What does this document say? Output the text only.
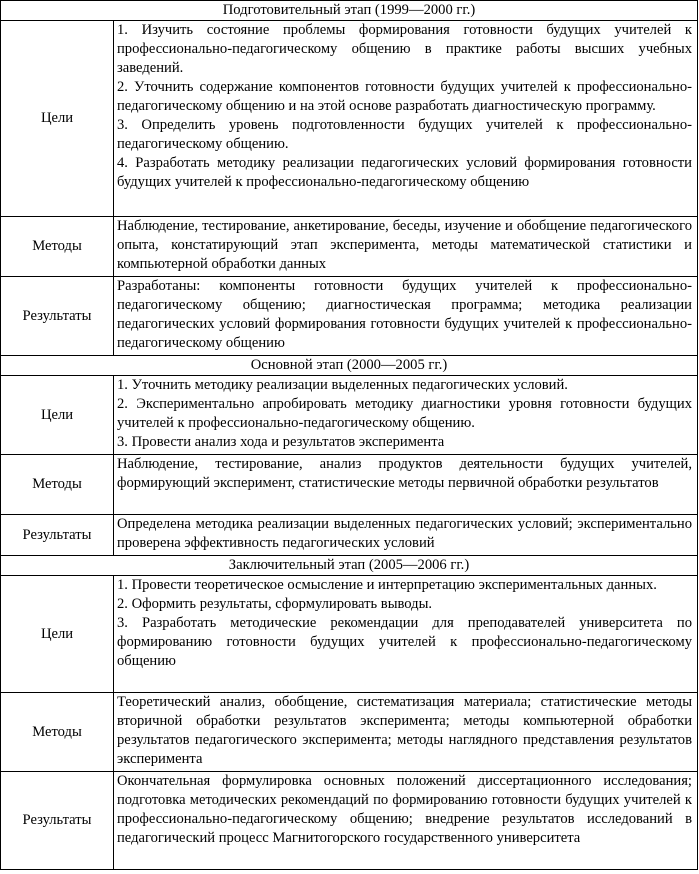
Подготовительный этап (1999—2000 гг.)	
Цели	1. Изучить состояние проблемы формирования готовности будущих учителей к профессионально-педагогическому общению в практике работы высших учебных заведений.

2. Уточнить содержание компонентов готовности будущих учителей к профессионально-педагогическому общению и на этой основе разработать диагностическую программу.

3. Определить уровень подготовленности будущих учителей к профессионально-педагогическому общению.

4. Разработать методику реализации педагогических условий формирования готовности будущих учителей к профессионально-педагогическому общению

Методы	Наблюдение, тестирование, анкетирование, беседы, изучение и обобщение педагогического опыта, констатирующий этап эксперимента, методы математической статистики и компьютерной обработки данных
Результаты	Разработаны: компоненты готовности будущих учителей к профессионально-педагогическому общению; диагностическая программа; методика реализации педагогических условий формирования готовности будущих учителей к профессионально-педагогическому общению
Основной этап (2000—2005 гг.)	
Цели	1. Уточнить методику реализации выделенных педагогических условий.

2. Экспериментально апробировать методику диагностики уровня готовности будущих учителей к профессионально-педагогическому общению.

3. Провести анализ хода и результатов эксперимента

Методы	Наблюдение, тестирование, анализ продуктов деятельности будущих учителей, формирующий эксперимент, статистические методы первичной обработки результатов
Результаты	Определена методика реализации выделенных педагогических условий; экспериментально проверена эффективность педагогических условий
Заключительный этап (2005—2006 гг.)	
Цели	1. Провести теоретическое осмысление и интерпретацию экспериментальных данных.

2. Оформить результаты, сформулировать выводы.

3. Разработать методические рекомендации для преподавателей университета по формированию готовности будущих учителей к профессионально-педагогическому общению

Методы	Теоретический анализ, обобщение, систематизация материала; статистические методы вторичной обработки результатов эксперимента; методы компьютерной обработки результатов педагогического эксперимента; методы наглядного представления результатов эксперимента
Результаты	Окончательная формулировка основных положений диссертационного исследования; подготовка методических рекомендаций по формированию готовности будущих учителей к профессионально-педагогическому общению; внедрение результатов исследований в педагогический процесс Магнитогорского государственного университета
